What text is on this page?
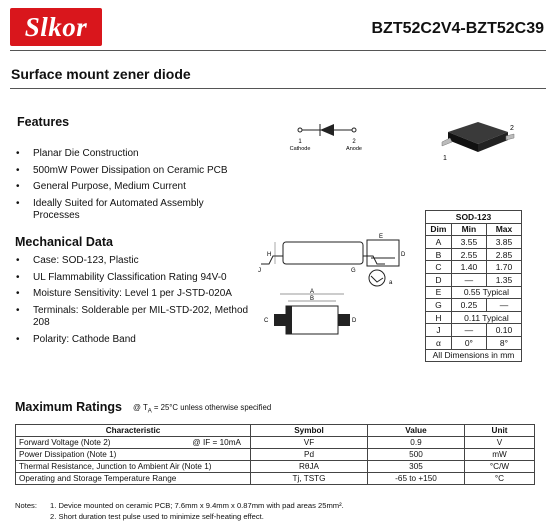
Slkor	BZT52C2V4-BZT52C39
Surface mount zener diode
Features
• Planar Die Construction
• 500mW Power Dissipation on Ceramic PCB
• General Purpose, Medium Current
• Ideally Suited for Automated Assembly Processes
1
Cathode
2
Anode
1
2
Mechanical Data
• Case: SOD-123, Plastic
• UL Flammability Classification Rating 94V-0
• Moisture Sensitivity: Level 1 per J-STD-020A
• Terminals: Solderable per MIL-STD-202, Method 208
• Polarity: Cathode Band
H
J
E
G
D
a
A
B
C	D
SOD-123		
Dim	Min	Max
A	3.55	3.85
B	2.55	2.85
C	1.40	1.70
D	—	1.35
E	0.55 Typical	
G	0.25	—
H	0.11 Typical	
J	—	0.10
α	0°	8°
All Dimensions in mm		
Maximum Ratings @ $T_A = 25^\circ C$ unless otherwise specified
Characteristic	Symbol	Value	Unit
Forward Voltage (Note 2) @ IF = 10mA	VF	0.9	V
Power Dissipation (Note 1)	Pd	500	mW
Thermal Resistance, Junction to Ambient Air (Note 1)	RθJA	305	°C/W
Operating and Storage Temperature Range	Tj, TSTG	-65 to +150	°C
Notes: 1. Device mounted on ceramic PCB; 7.6mm x 9.4mm x 0.87mm with pad areas 25mm².
2. Short duration test pulse used to minimize self-heating effect.
